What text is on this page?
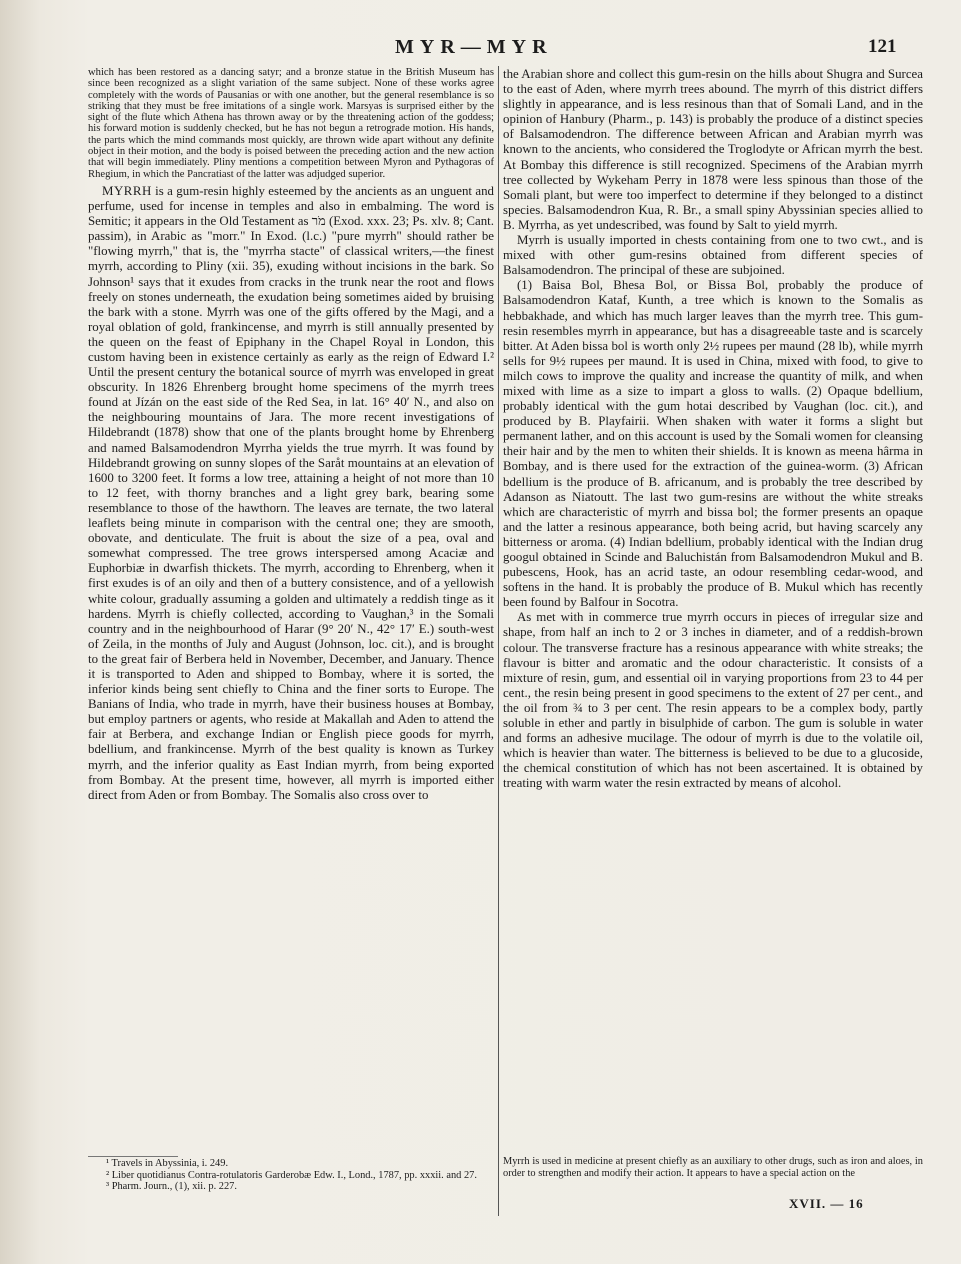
MYR—MYR	121

which has been restored as a dancing satyr; and a bronze statue in the British Museum has since been recognized as a slight variation of the same subject. None of these works agree completely with the words of Pausanias or with one another, but the general resemblance is so striking that they must be free imitations of a single work. Marsyas is surprised either by the sight of the flute which Athena has thrown away or by the threatening action of the goddess; his forward motion is suddenly checked, but he has not begun a retrograde motion. His hands, the parts which the mind commands most quickly, are thrown wide apart without any definite object in their motion, and the body is poised between the preceding action and the new action that will begin immediately. Pliny mentions a competition between Myron and Pythagoras of Rhegium, in which the Pancratiast of the latter was adjudged superior.

MYRRH is a gum-resin highly esteemed by the ancients as an unguent and perfume, used for incense in temples and also in embalming. The word is Semitic; it appears in the Old Testament as מֹר (Exod. xxx. 23; Ps. xlv. 8; Cant. passim), in Arabic as "morr." In Exod. (l.c.) "pure myrrh" should rather be "flowing myrrh," that is, the "myrrha stacte" of classical writers,—the finest myrrh, according to Pliny (xii. 35), exuding without incisions in the bark. So Johnson¹ says that it exudes from cracks in the trunk near the root and flows freely on stones underneath, the exudation being sometimes aided by bruising the bark with a stone. Myrrh was one of the gifts offered by the Magi, and a royal oblation of gold, frankincense, and myrrh is still annually presented by the queen on the feast of Epiphany in the Chapel Royal in London, this custom having been in existence certainly as early as the reign of Edward I.² Until the present century the botanical source of myrrh was enveloped in great obscurity. In 1826 Ehrenberg brought home specimens of the myrrh trees found at Jízán on the east side of the Red Sea, in lat. 16° 40′ N., and also on the neighbouring mountains of Jara. The more recent investigations of Hildebrandt (1878) show that one of the plants brought home by Ehrenberg and named Balsamodendron Myrrha yields the true myrrh. It was found by Hildebrandt growing on sunny slopes of the Saråt mountains at an elevation of 1600 to 3200 feet. It forms a low tree, attaining a height of not more than 10 to 12 feet, with thorny branches and a light grey bark, bearing some resemblance to those of the hawthorn. The leaves are ternate, the two lateral leaflets being minute in comparison with the central one; they are smooth, obovate, and denticulate. The fruit is about the size of a pea, oval and somewhat compressed. The tree grows interspersed among Acaciæ and Euphorbiæ in dwarfish thickets. The myrrh, according to Ehrenberg, when it first exudes is of an oily and then of a buttery consistence, and of a yellowish white colour, gradually assuming a golden and ultimately a reddish tinge as it hardens. Myrrh is chiefly collected, according to Vaughan,³ in the Somali country and in the neighbourhood of Harar (9° 20′ N., 42° 17′ E.) south-west of Zeila, in the months of July and August (Johnson, loc. cit.), and is brought to the great fair of Berbera held in November, December, and January. Thence it is transported to Aden and shipped to Bombay, where it is sorted, the inferior kinds being sent chiefly to China and the finer sorts to Europe. The Banians of India, who trade in myrrh, have their business houses at Bombay, but employ partners or agents, who reside at Makallah and Aden to attend the fair at Berbera, and exchange Indian or English piece goods for myrrh, bdellium, and frankincense. Myrrh of the best quality is known as Turkey myrrh, and the inferior quality as East Indian myrrh, from being exported from Bombay. At the present time, however, all myrrh is imported either direct from Aden or from Bombay. The Somalis also cross over to

the Arabian shore and collect this gum-resin on the hills about Shugra and Surcea to the east of Aden, where myrrh trees abound. The myrrh of this district differs slightly in appearance, and is less resinous than that of Somali Land, and in the opinion of Hanbury (Pharm., p. 143) is probably the produce of a distinct species of Balsamodendron. The difference between African and Arabian myrrh was known to the ancients, who considered the Troglodyte or African myrrh the best. At Bombay this difference is still recognized. Specimens of the Arabian myrrh tree collected by Wykeham Perry in 1878 were less spinous than those of the Somali plant, but were too imperfect to determine if they belonged to a distinct species. Balsamodendron Kua, R. Br., a small spiny Abyssinian species allied to B. Myrrha, as yet undescribed, was found by Salt to yield myrrh.

Myrrh is usually imported in chests containing from one to two cwt., and is mixed with other gum-resins obtained from different species of Balsamodendron. The principal of these are subjoined.

(1) Baisa Bol, Bhesa Bol, or Bissa Bol, probably the produce of Balsamodendron Kataf, Kunth, a tree which is known to the Somalis as hebbakhade, and which has much larger leaves than the myrrh tree. This gum-resin resembles myrrh in appearance, but has a disagreeable taste and is scarcely bitter. At Aden bissa bol is worth only 2½ rupees per maund (28 lb), while myrrh sells for 9½ rupees per maund. It is used in China, mixed with food, to give to milch cows to improve the quality and increase the quantity of milk, and when mixed with lime as a size to impart a gloss to walls. (2) Opaque bdellium, probably identical with the gum hotai described by Vaughan (loc. cit.), and produced by B. Playfairii. When shaken with water it forms a slight but permanent lather, and on this account is used by the Somali women for cleansing their hair and by the men to whiten their shields. It is known as meena hârma in Bombay, and is there used for the extraction of the guinea-worm. (3) African bdellium is the produce of B. africanum, and is probably the tree described by Adanson as Niatoutt. The last two gum-resins are without the white streaks which are characteristic of myrrh and bissa bol; the former presents an opaque and the latter a resinous appearance, both being acrid, but having scarcely any bitterness or aroma. (4) Indian bdellium, probably identical with the Indian drug googul obtained in Scinde and Baluchistán from Balsamodendron Mukul and B. pubescens, Hook, has an acrid taste, an odour resembling cedar-wood, and softens in the hand. It is probably the produce of B. Mukul which has recently been found by Balfour in Socotra.

As met with in commerce true myrrh occurs in pieces of irregular size and shape, from half an inch to 2 or 3 inches in diameter, and of a reddish-brown colour. The transverse fracture has a resinous appearance with white streaks; the flavour is bitter and aromatic and the odour characteristic. It consists of a mixture of resin, gum, and essential oil in varying proportions from 23 to 44 per cent., the resin being present in good specimens to the extent of 27 per cent., and the oil from ¾ to 3 per cent. The resin appears to be a complex body, partly soluble in ether and partly in bisulphide of carbon. The gum is soluble in water and forms an adhesive mucilage. The odour of myrrh is due to the volatile oil, which is heavier than water. The bitterness is believed to be due to a glucoside, the chemical constitution of which has not been ascertained. It is obtained by treating with warm water the resin extracted by means of alcohol.

¹ Travels in Abyssinia, i. 249.

² Liber quotidianus Contra-rotulatoris Garderobæ Edw. I., Lond., 1787, pp. xxxii. and 27.

³ Pharm. Journ., (1), xii. p. 227.

Myrrh is used in medicine at present chiefly as an auxiliary to other drugs, such as iron and aloes, in order to strengthen and modify their action. It appears to have a special action on the
XVII. — 16
